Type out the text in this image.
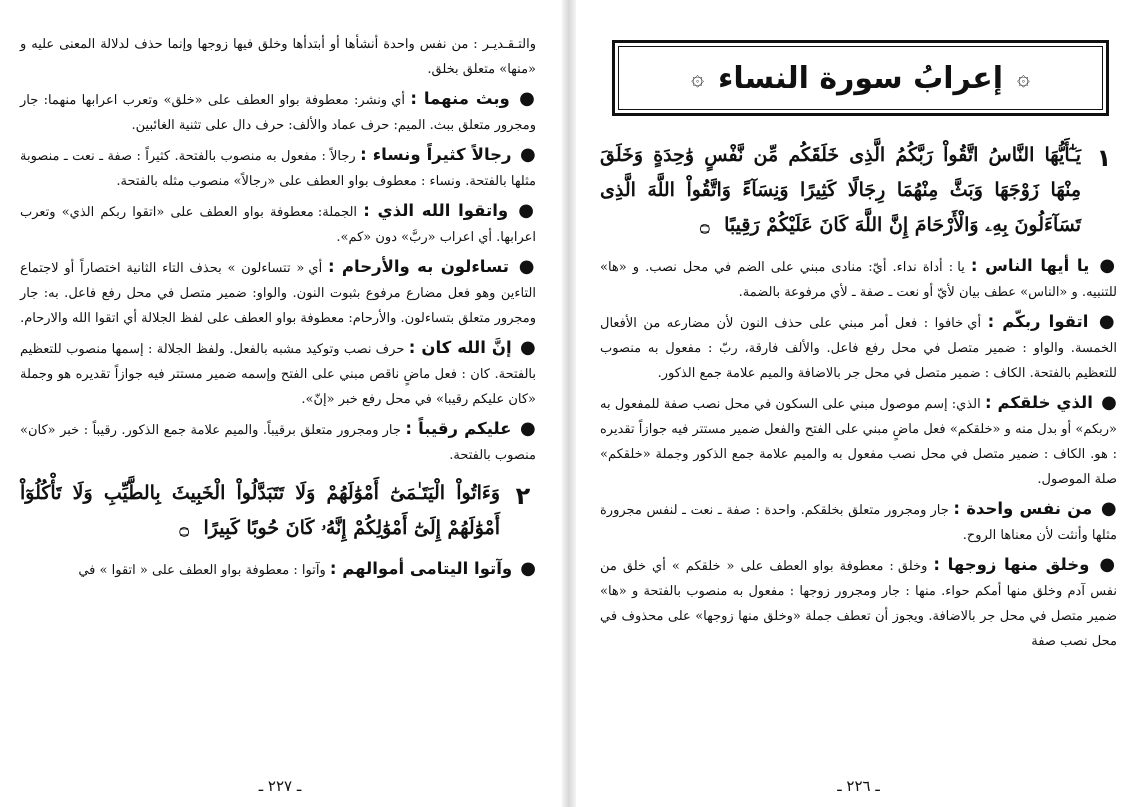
والتـقـديـر : من نفس واحدة أنشأها أو أبتدأها وخلق فيها زوجها وإنما حذف لدلالة المعنى عليه و «منها» متعلق بخلق.

● وبث منهما : أي ونشر: معطوفة بواو العطف على «خلق» وتعرب اعرابها منهما: جار ومجرور متعلق ببث. الميم: حرف عماد والألف: حرف دال على تثنية الغائبين.

● رجالاً كثيراً ونساء : رجالاً : مفعول به منصوب بالفتحة. كثيراً : صفة ـ نعت ـ منصوبة مثلها بالفتحة. ونساء : معطوف بواو العطف على «رجالاً» منصوب مثله بالفتحة.

● واتقوا الله الذي : الجملة: معطوفة بواو العطف على «اتقوا ربكم الذي» وتعرب اعرابها. أي اعراب «ربَّ» دون «كم».

● تساءلون به والأرحام : أي « تتساءلون » بحذف التاء الثانية اختصاراً أو لاجتماع التاءين وهو فعل مضارع مرفوع بثبوت النون. والواو: ضمير متصل في محل رفع فاعل. به: جار ومجرور متعلق بتساءلون. والأرحام: معطوفة بواو العطف على لفظ الجلالة أي اتقوا الله والارحام.

● إنَّ الله كان : حرف نصب وتوكيد مشبه بالفعل. ولفظ الجلالة : إسمها منصوب للتعظيم بالفتحة. كان : فعل ماضٍ ناقص مبني على الفتح وإسمه ضمير مستتر فيه جوازاً تقديره هو وجملة «كان عليكم رقيبا» في محل رفع خبر «إنّ».

● عليكم رقيباً : جار ومجرور متعلق برقيباً. والميم علامة جمع الذكور. رقيباً : خبر «كان» منصوب بالفتحة.

٢
وَءَاتُواْ الْيَتَـٰمَىٰٓ أَمْوَٰلَهُمْ وَلَا تَتَبَدَّلُواْ الْخَبِيثَ بِالطَّيِّبِ وَلَا تَأْكُلُوٓاْ أَمْوَٰلَهُمْ إِلَىٰٓ أَمْوَٰلِكُمْ إِنَّهُۥ كَانَ حُوبًا كَبِيرًا ۝

● وآتوا اليتامى أموالهم : وآتوا : معطوفة بواو العطف على « اتقوا » في

ـ ٢٢٧ ـ
۞
إعرابُ سورة النساء
۞
١
يَـٰٓأَيُّهَا النَّاسُ اتَّقُواْ رَبَّكُمُ الَّذِى خَلَقَكُم مِّن نَّفْسٍ وَٰحِدَةٍ وَخَلَقَ مِنْهَا زَوْجَهَا وَبَثَّ مِنْهُمَا رِجَالًا كَثِيرًا وَنِسَآءً وَاتَّقُواْ اللَّهَ الَّذِى تَسَآءَلُونَ بِهِۦ وَالْأَرْحَامَ إِنَّ اللَّهَ كَانَ عَلَيْكُمْ رَقِيبًا ۝

● يا أيها الناس : يا : أداة نداء. أيّ: منادى مبني على الضم في محل نصب. و «ها» للتنبيه. و «الناس» عطف بيان لأيّ أو نعت ـ صفة ـ لأي مرفوعة بالضمة.

● اتقوا ربكّم : أي خافوا : فعل أمر مبني على حذف النون لأن مضارعه من الأفعال الخمسة. والواو : ضمير متصل في محل رفع فاعل. والألف فارقة، ربّ : مفعول به منصوب للتعظيم بالفتحة. الكاف : ضمير متصل في محل جر بالاضافة والميم علامة جمع الذكور.

● الذي خلقكم : الذي: إسم موصول مبني على السكون في محل نصب صفة للمفعول به «ربكم» أو بدل منه و «خلقكم» فعل ماضٍ مبني على الفتح والفعل ضمير مستتر فيه جوازاً تقديره : هو. الكاف : ضمير متصل في محل نصب مفعول به والميم علامة جمع الذكور وجملة «خلقكم» صلة الموصول.

● من نفس واحدة : جار ومجرور متعلق بخلقكم. واحدة : صفة ـ نعت ـ لنفس مجرورة مثلها وأنثت لأن معناها الروح.

● وخلق منها زوجها : وخلق : معطوفة بواو العطف على « خلقكم » أي خلق من نفس آدم وخلق منها أمكم حواء. منها : جار ومجرور زوجها : مفعول به منصوب بالفتحة و «ها» ضمير متصل في محل جر بالاضافة. ويجوز أن تعطف جملة «وخلق منها زوجها» على محذوف في محل نصب صفة

ـ ٢٢٦ ـ
